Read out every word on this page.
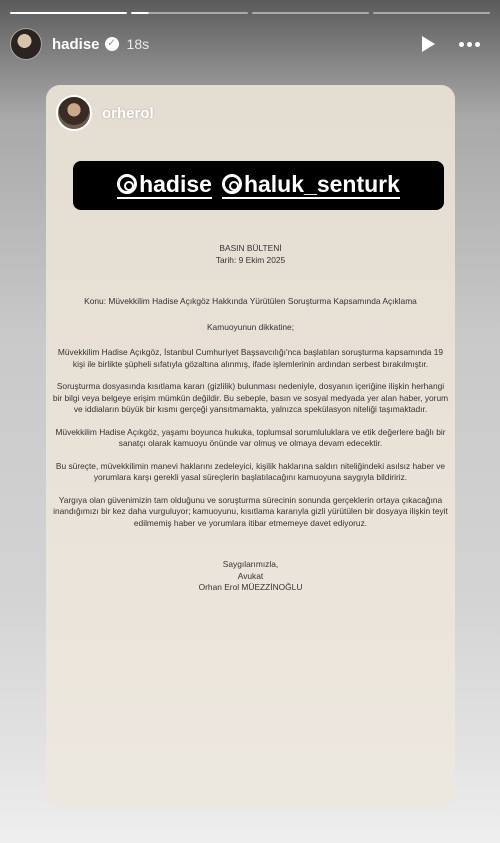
hadise ✓ 18s
orherol
hadise haluk_senturk

BASIN BÜLTENİ

Tarih: 9 Ekim 2025

Konu: Müvekkilim Hadise Açıkgöz Hakkında Yürütülen Soruşturma Kapsamında Açıklama

Kamuoyunun dikkatine;

Müvekkilim Hadise Açıkgöz, İstanbul Cumhuriyet Başsavcılığı'nca başlatılan soruşturma kapsamında 19 kişi ile birlikte şüpheli sıfatıyla gözaltına alınmış, ifade işlemlerinin ardından serbest bırakılmıştır.

Soruşturma dosyasında kısıtlama kararı (gizlilik) bulunması nedeniyle, dosyanın içeriğine ilişkin herhangi bir bilgi veya belgeye erişim mümkün değildir. Bu sebeple, basın ve sosyal medyada yer alan haber, yorum ve iddiaların büyük bir kısmı gerçeği yansıtmamakta, yalnızca spekülasyon niteliği taşımaktadır.

Müvekkilim Hadise Açıkgöz, yaşamı boyunca hukuka, toplumsal sorumluluklara ve etik değerlere bağlı bir sanatçı olarak kamuoyu önünde var olmuş ve olmaya devam edecektir.

Bu süreçte, müvekkilimin manevi haklarını zedeleyici, kişilik haklarına saldırı niteliğindeki asılsız haber ve yorumlara karşı gerekli yasal süreçlerin başlatılacağını kamuoyuna saygıyla bildiririz.

Yargıya olan güvenimizin tam olduğunu ve soruşturma sürecinin sonunda gerçeklerin ortaya çıkacağına inandığımızı bir kez daha vurguluyor; kamuoyunu, kısıtlama kararıyla gizli yürütülen bir dosyaya ilişkin teyit edilmemiş haber ve yorumlara itibar etmemeye davet ediyoruz.

Saygılarımızla,

Avukat

Orhan Erol MÜEZZİNOĞLU
